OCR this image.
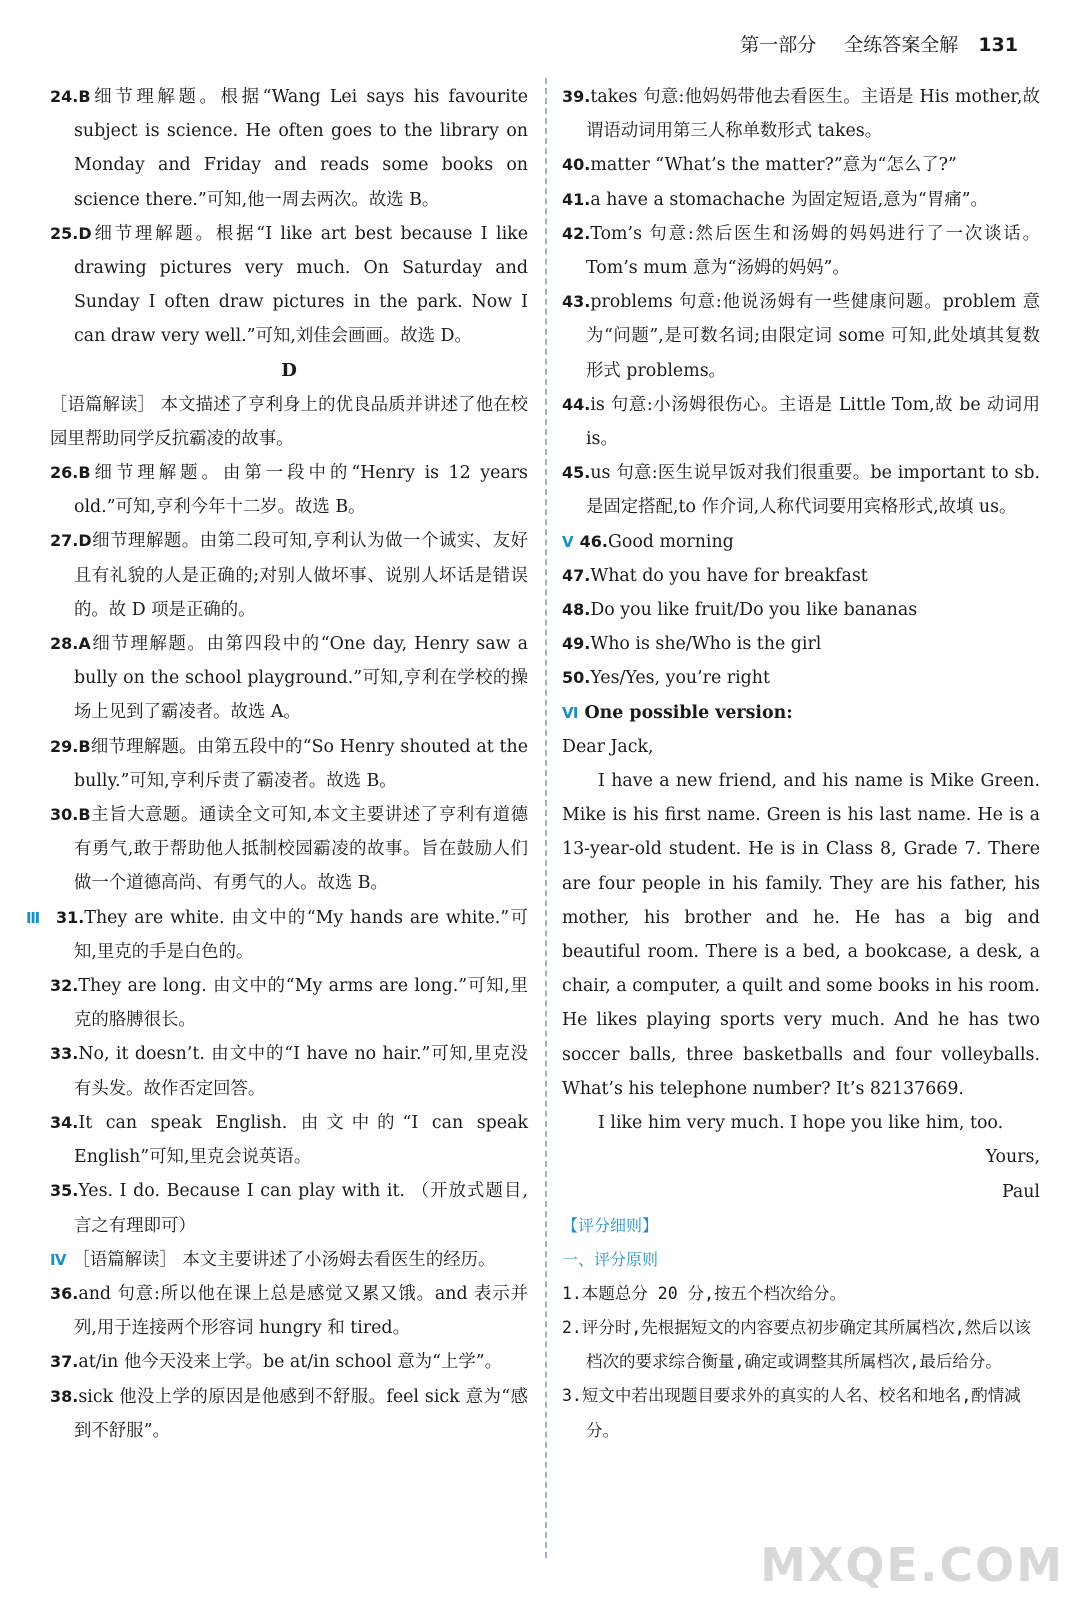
第一部分 全练答案全解 131
24.B细节理解题。根据“Wang Lei says his favourite subject is science. He often goes to the library on Monday and Friday and reads some books on science there.”可知,他一周去两次。故选 B。
25.D细节理解题。根据“I like art best because I like drawing pictures very much. On Saturday and Sunday I often draw pictures in the park. Now I can draw very well.”可知,刘佳会画画。故选 D。
D
［语篇解读］ 本文描述了亨利身上的优良品质并讲述了他在校园里帮助同学反抗霸凌的故事。
26.B细节理解题。由第一段中的“Henry is 12 years old.”可知,亨利今年十二岁。故选 B。
27.D细节理解题。由第二段可知,亨利认为做一个诚实、友好且有礼貌的人是正确的;对别人做坏事、说别人坏话是错误的。故 D 项是正确的。
28.A细节理解题。由第四段中的“One day, Henry saw a bully on the school playground.”可知,亨利在学校的操场上见到了霸凌者。故选 A。
29.B细节理解题。由第五段中的“So Henry shouted at the bully.”可知,亨利斥责了霸凌者。故选 B。
30.B主旨大意题。通读全文可知,本文主要讲述了亨利有道德有勇气,敢于帮助他人抵制校园霸凌的故事。旨在鼓励人们做一个道德高尚、有勇气的人。故选 B。
Ⅲ 31.They are white. 由文中的“My hands are white.”可知,里克的手是白色的。
32.They are long. 由文中的“My arms are long.”可知,里克的胳膊很长。
33.No, it doesn’t. 由文中的“I have no hair.”可知,里克没有头发。故作否定回答。
34.It can speak English. 由文中的“I can speak English”可知,里克会说英语。
35.Yes. I do. Because I can play with it. （开放式题目,言之有理即可）
Ⅳ ［语篇解读］ 本文主要讲述了小汤姆去看医生的经历。
36.and 句意:所以他在课上总是感觉又累又饿。and 表示并列,用于连接两个形容词 hungry 和 tired。
37.at/in 他今天没来上学。be at/in school 意为“上学”。
38.sick 他没上学的原因是他感到不舒服。feel sick 意为“感到不舒服”。
39.takes 句意:他妈妈带他去看医生。主语是 His mother,故谓语动词用第三人称单数形式 takes。
40.matter “What’s the matter?”意为“怎么了?”
41.a have a stomachache 为固定短语,意为“胃痛”。
42.Tom’s 句意:然后医生和汤姆的妈妈进行了一次谈话。Tom’s mum 意为“汤姆的妈妈”。
43.problems 句意:他说汤姆有一些健康问题。problem 意为“问题”,是可数名词;由限定词 some 可知,此处填其复数形式 problems。
44.is 句意:小汤姆很伤心。主语是 Little Tom,故 be 动词用 is。
45.us 句意:医生说早饭对我们很重要。be important to sb.是固定搭配,to 作介词,人称代词要用宾格形式,故填 us。
Ⅴ 46.Good morning
47.What do you have for breakfast
48.Do you like fruit/Do you like bananas
49.Who is she/Who is the girl
50.Yes/Yes, you’re right
Ⅵ One possible version:
Dear Jack,
I have a new friend, and his name is Mike Green. Mike is his first name. Green is his last name. He is a 13-year-old student. He is in Class 8, Grade 7. There are four people in his family. They are his father, his mother, his brother and he. He has a big and beautiful room. There is a bed, a bookcase, a desk, a chair, a computer, a quilt and some books in his room. He likes playing sports very much. And he has two soccer balls, three basketballs and four volleyballs. What’s his telephone number? It’s 82137669.
I like him very much. I hope you like him, too.
Yours,
Paul
【评分细则】
一、评分原则
1.本题总分 20 分,按五个档次给分。
2.评分时,先根据短文的内容要点初步确定其所属档次,然后以该档次的要求综合衡量,确定或调整其所属档次,最后给分。
3.短文中若出现题目要求外的真实的人名、校名和地名,酌情减分。
MXQE.COM
